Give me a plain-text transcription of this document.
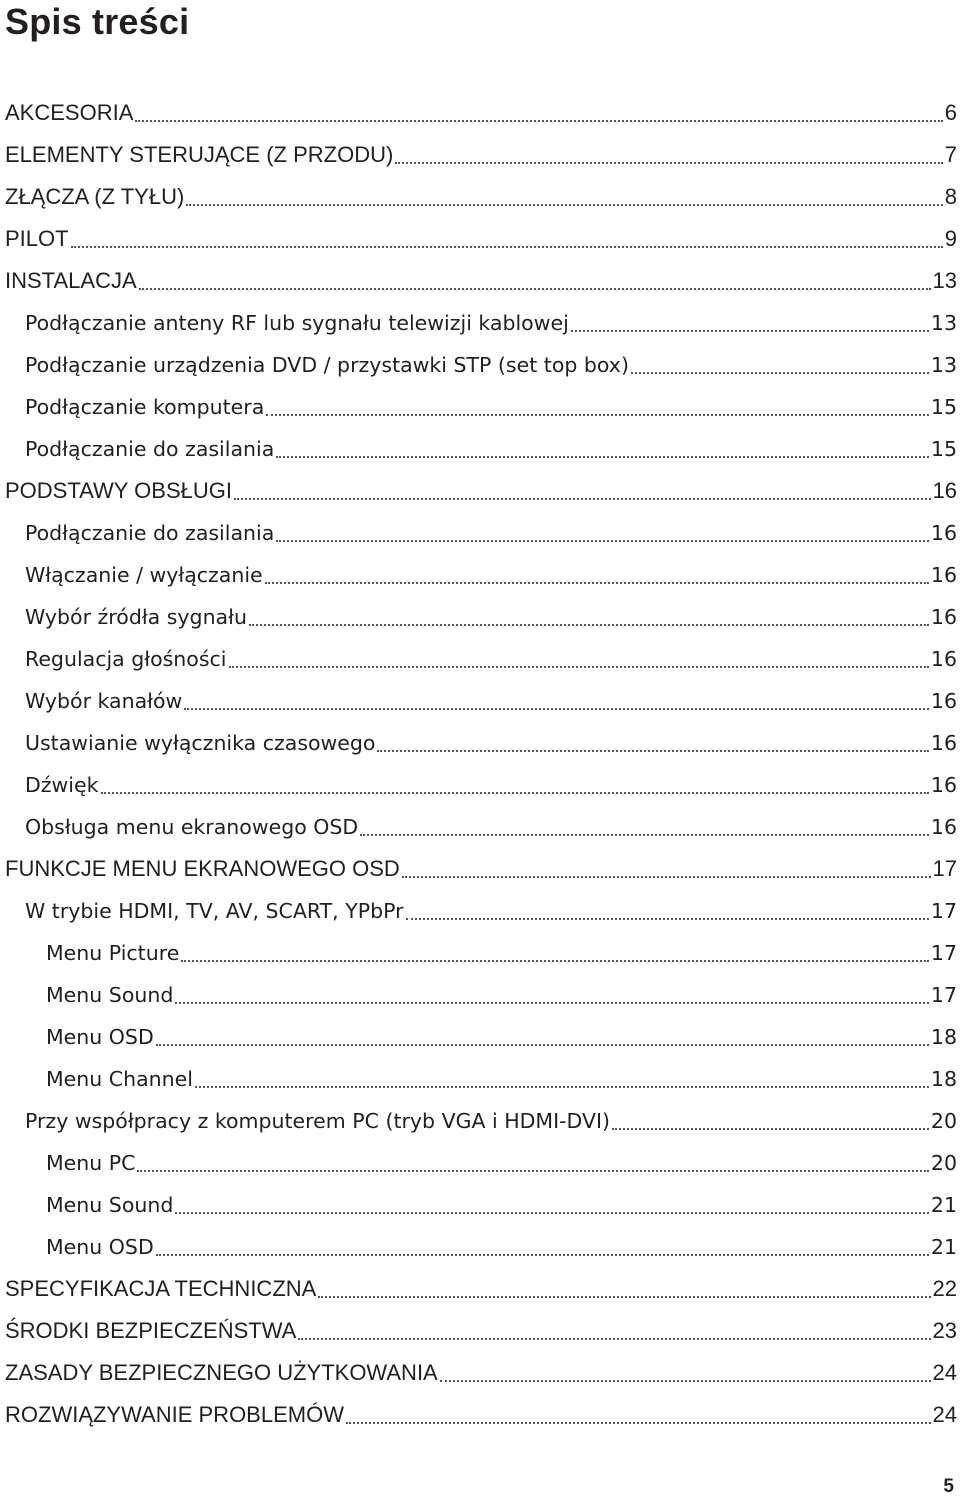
Spis treści
AKCESORIA	6
ELEMENTY STERUJĄCE (Z PRZODU)	7
ZŁĄCZA (Z TYŁU)	8
PILOT	9
INSTALACJA	13
Podłączanie anteny RF lub sygnału telewizji kablowej	13
Podłączanie urządzenia DVD / przystawki STP (set top box)	13
Podłączanie komputera	15
Podłączanie do zasilania	15
PODSTAWY OBSŁUGI	16
Podłączanie do zasilania	16
Włączanie / wyłączanie	16
Wybór źródła sygnału	16
Regulacja głośności	16
Wybór kanałów	16
Ustawianie wyłącznika czasowego	16
Dźwięk	16
Obsługa menu ekranowego OSD	16
FUNKCJE MENU EKRANOWEGO OSD	17
W trybie HDMI, TV, AV, SCART, YPbPr	17
Menu Picture	17
Menu Sound	17
Menu OSD	18
Menu Channel	18
Przy współpracy z komputerem PC (tryb VGA i HDMI-DVI)	20
Menu PC	20
Menu Sound	21
Menu OSD	21
SPECYFIKACJA TECHNICZNA	22
ŚRODKI BEZPIECZEŃSTWA	23
ZASADY BEZPIECZNEGO UŻYTKOWANIA	24
ROZWIĄZYWANIE PROBLEMÓW	24
5
